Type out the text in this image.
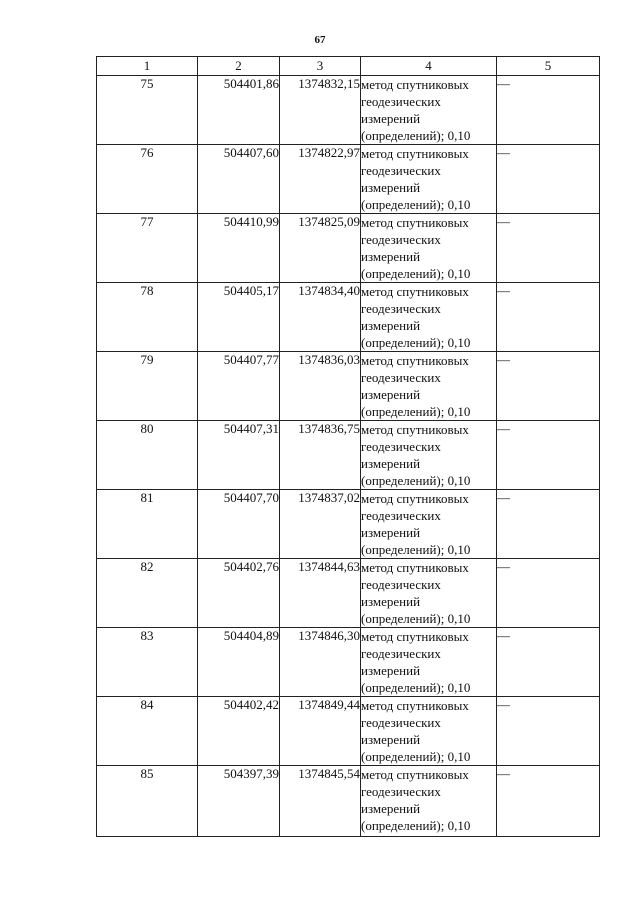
67
1	2	3	4	5
75	504401,86	1374832,15	метод спутниковых
геодезических
измерений
(определений); 0,10	—
76	504407,60	1374822,97	метод спутниковых
геодезических
измерений
(определений); 0,10	—
77	504410,99	1374825,09	метод спутниковых
геодезических
измерений
(определений); 0,10	—
78	504405,17	1374834,40	метод спутниковых
геодезических
измерений
(определений); 0,10	—
79	504407,77	1374836,03	метод спутниковых
геодезических
измерений
(определений); 0,10	—
80	504407,31	1374836,75	метод спутниковых
геодезических
измерений
(определений); 0,10	—
81	504407,70	1374837,02	метод спутниковых
геодезических
измерений
(определений); 0,10	—
82	504402,76	1374844,63	метод спутниковых
геодезических
измерений
(определений); 0,10	—
83	504404,89	1374846,30	метод спутниковых
геодезических
измерений
(определений); 0,10	—
84	504402,42	1374849,44	метод спутниковых
геодезических
измерений
(определений); 0,10	—
85	504397,39	1374845,54	метод спутниковых
геодезических
измерений
(определений); 0,10	—
